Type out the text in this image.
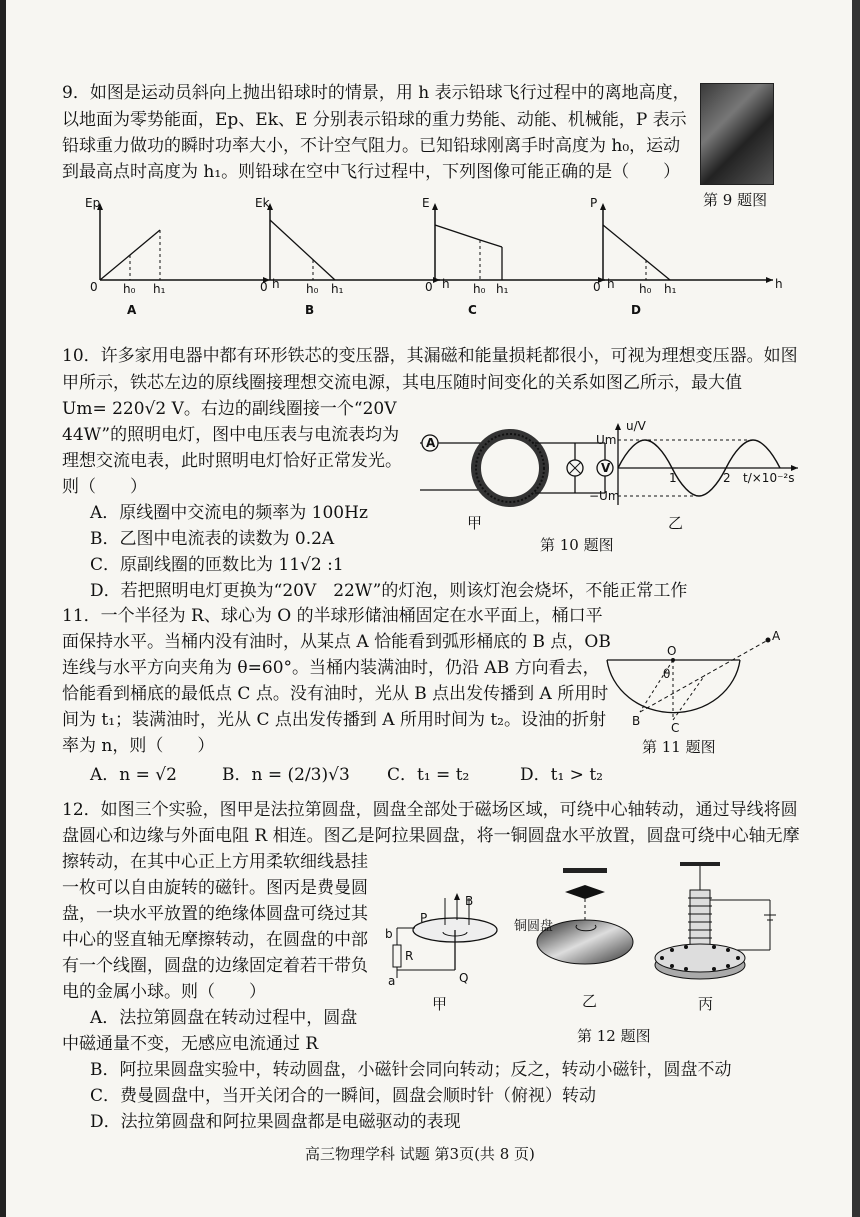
9．如图是运动员斜向上抛出铅球时的情景，用 h 表示铅球飞行过程中的离地高度，
以地面为零势能面，Ep、Ek、E 分别表示铅球的重力势能、动能、机械能，P 表示
铅球重力做功的瞬时功率大小，不计空气阻力。已知铅球刚离手时高度为 h₀，运动
到最高点时高度为 h₁。则铅球在空中飞行过程中，下列图像可能正确的是（　　）
第 9 题图
Ep
0	h
h₀ h₁
A
Ek
0	h
h₀ h₁
B
E
0	h
h₀ h₁
C
P
0	h
h₀ h₁
D
10．许多家用电器中都有环形铁芯的变压器，其漏磁和能量损耗都很小，可视为理想变压器。如图
甲所示，铁芯左边的原线圈接理想交流电源，其电压随时间变化的关系如图乙所示，最大值
Um= 220√2 V。右边的副线圈接一个“20V
44W”的照明电灯，图中电压表与电流表均为
理想交流电表，此时照明电灯恰好正常发光。
则（　　）
A．原线圈中交流电的频率为 100Hz
B．乙图中电流表的读数为 0.2A
C．原副线圈的匝数比为 11√2 :1
D．若把照明电灯更换为“20V　22W”的灯泡，则该灯泡会烧坏，不能正常工作
A
V
甲
u/V
Um
−Um
1	2 t/×10⁻²s
乙
第 10 题图
11．一个半径为 R、球心为 O 的半球形储油桶固定在水平面上，桶口平
面保持水平。当桶内没有油时，从某点 A 恰能看到弧形桶底的 B 点，OB
连线与水平方向夹角为 θ=60°。当桶内装满油时，仍沿 AB 方向看去，
恰能看到桶底的最低点 C 点。没有油时，光从 B 点出发传播到 A 所用时
间为 t₁；装满油时，光从 C 点出发传播到 A 所用时间为 t₂。设油的折射
率为 n，则（　　）
A．n = √2	B．n = (2/3)√3 C．t₁ = t₂	D．t₁ > t₂
O
A
B	C
θ
第 11 题图
12．如图三个实验，图甲是法拉第圆盘，圆盘全部处于磁场区域，可绕中心轴转动，通过导线将圆
盘圆心和边缘与外面电阻 R 相连。图乙是阿拉果圆盘，将一铜圆盘水平放置，圆盘可绕中心轴无摩
擦转动，在其中心正上方用柔软细线悬挂
一枚可以自由旋转的磁针。图丙是费曼圆
盘，一块水平放置的绝缘体圆盘可绕过其
中心的竖直轴无摩擦转动，在圆盘的中部
有一个线圈，圆盘的边缘固定着若干带负
电的金属小球。则（　　）
A．法拉第圆盘在转动过程中，圆盘
中磁通量不变，无感应电流通过 R
B．阿拉果圆盘实验中，转动圆盘，小磁针会同向转动；反之，转动小磁针，圆盘不动
C．费曼圆盘中，当开关闭合的一瞬间，圆盘会顺时针（俯视）转动
D．法拉第圆盘和阿拉果圆盘都是电磁驱动的表现
B
P
b
R
a	Q
甲
铜圆盘
乙	丙
第 12 题图
高三物理学科 试题 第3页(共 8 页)
